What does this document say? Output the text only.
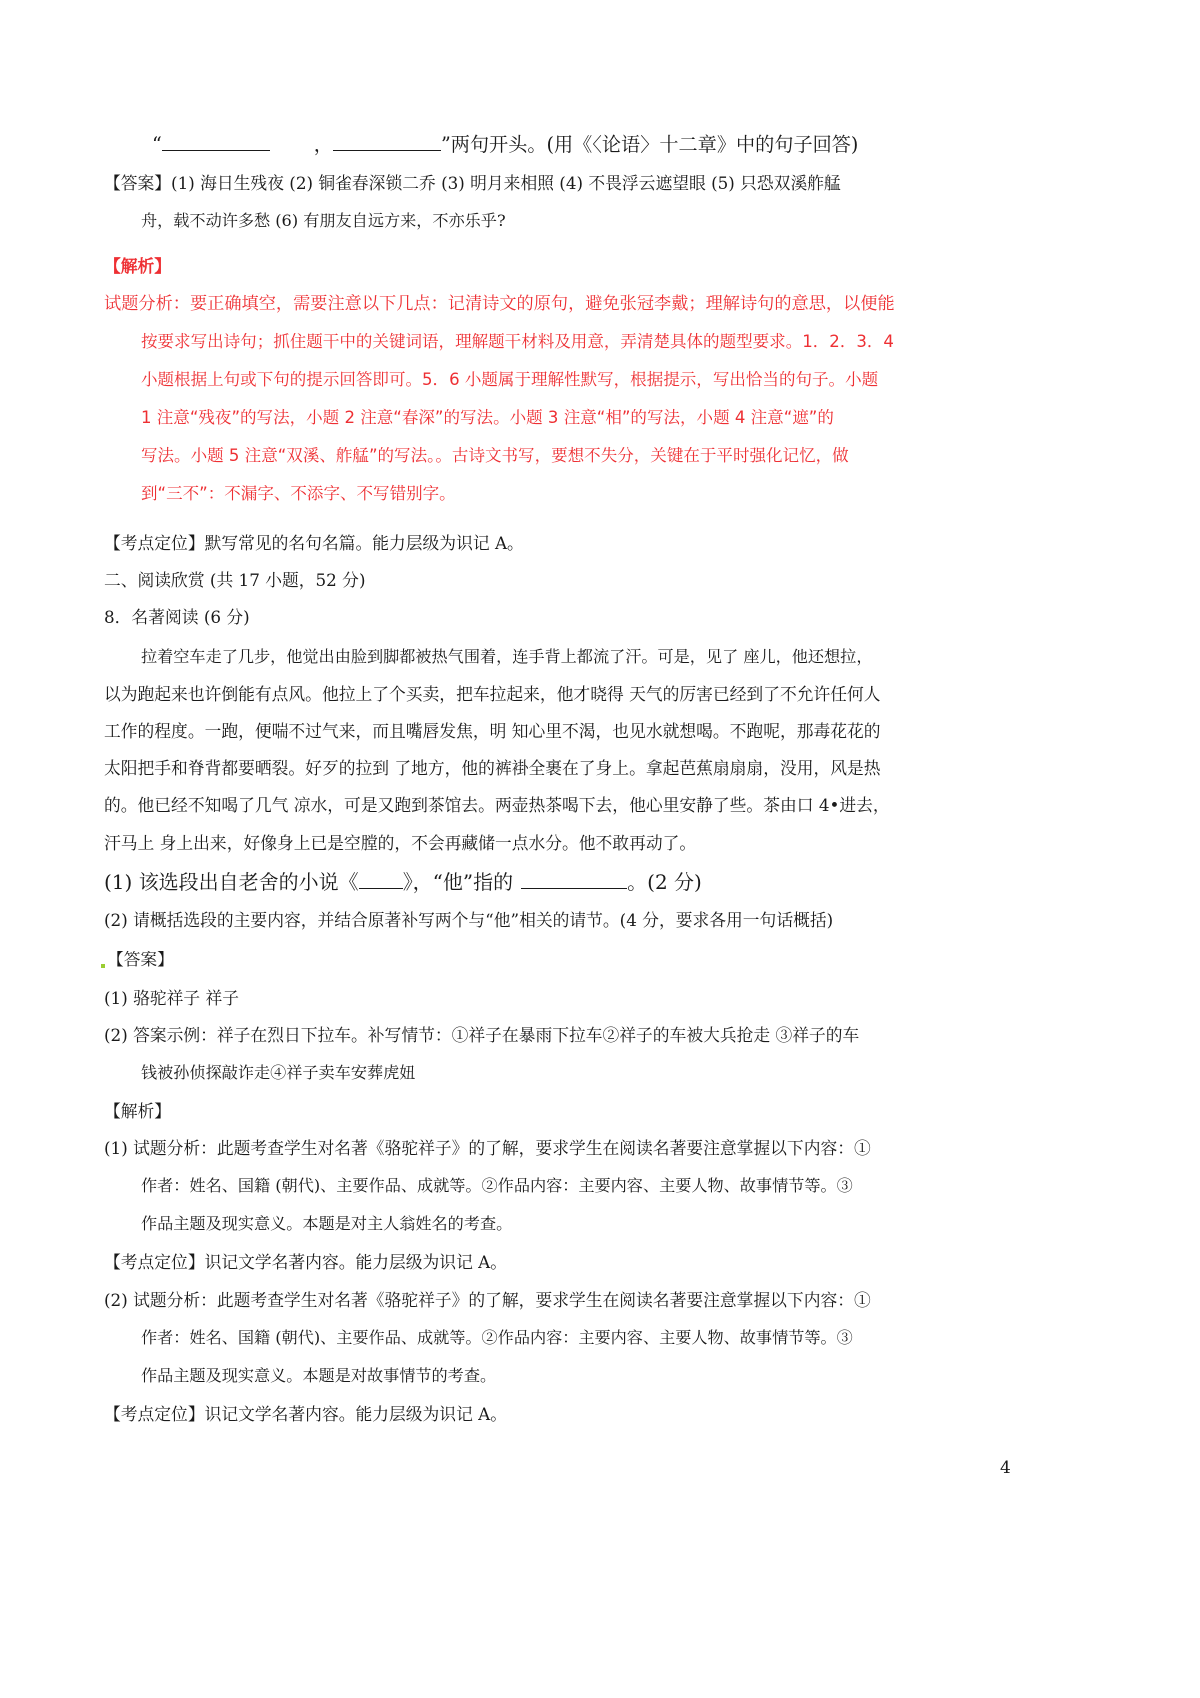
“	，	”两句开头。(用《〈论语〉十二章》中的句子回答)
【答案】(1) 海日生残夜 (2) 铜雀春深锁二乔 (3) 明月来相照 (4) 不畏浮云遮望眼 (5) 只恐双溪舴艋
舟，载不动许多愁 (6) 有朋友自远方来，不亦乐乎?
【解析】
试题分析：要正确填空，需要注意以下几点：记清诗文的原句，避免张冠李戴；理解诗句的意思，以便能
按要求写出诗句；抓住题干中的关键词语，理解题干材料及用意，弄清楚具体的题型要求。1．2．3．4
小题根据上句或下句的提示回答即可。5．6 小题属于理解性默写，根据提示，写出恰当的句子。小题
1 注意“残夜”的写法，小题 2 注意“春深”的写法。小题 3 注意“相”的写法，小题 4 注意“遮”的
写法。小题 5 注意“双溪、舴艋”的写法。。古诗文书写，要想不失分，关键在于平时强化记忆，做
到“三不”：不漏字、不添字、不写错别字。
【考点定位】默写常见的名句名篇。能力层级为识记 A。
二、阅读欣赏 (共 17 小题，52 分)
8．名著阅读 (6 分)
拉着空车走了几步，他觉出由脸到脚都被热气围着，连手背上都流了汗。可是，见了 座儿，他还想拉，
以为跑起来也许倒能有点风。他拉上了个买卖，把车拉起来，他才晓得 天气的厉害已经到了不允许任何人
工作的程度。一跑，便喘不过气来，而且嘴唇发焦，明 知心里不渴，也见水就想喝。不跑呢，那毒花花的
太阳把手和脊背都要晒裂。好歹的拉到 了地方，他的裤褂全裹在了身上。拿起芭蕉扇扇扇，没用，风是热
的。他已经不知喝了几气 凉水，可是又跑到茶馆去。两壶热茶喝下去，他心里安静了些。茶由口 4•进去，
汗马上 身上出来，好像身上已是空膛的，不会再藏储一点水分。他不敢再动了。
(1) 该选段出自老舍的小说《 》，“他”指的	。(2 分)
(2) 请概括选段的主要内容，并结合原著补写两个与“他”相关的请节。(4 分，要求各用一句话概括)
【答案】
(1) 骆驼祥子 祥子
(2) 答案示例：祥子在烈日下拉车。补写情节：①祥子在暴雨下拉车②祥子的车被大兵抢走 ③祥子的车
钱被孙侦探敲诈走④祥子卖车安葬虎妞
【解析】
(1) 试题分析：此题考查学生对名著《骆驼祥子》的了解，要求学生在阅读名著要注意掌握以下内容：①
作者：姓名、国籍 (朝代)、主要作品、成就等。②作品内容：主要内容、主要人物、故事情节等。③
作品主题及现实意义。本题是对主人翁姓名的考查。
【考点定位】识记文学名著内容。能力层级为识记 A。
(2) 试题分析：此题考查学生对名著《骆驼祥子》的了解，要求学生在阅读名著要注意掌握以下内容：①
作者：姓名、国籍 (朝代)、主要作品、成就等。②作品内容：主要内容、主要人物、故事情节等。③
作品主题及现实意义。本题是对故事情节的考查。
【考点定位】识记文学名著内容。能力层级为识记 A。
4
